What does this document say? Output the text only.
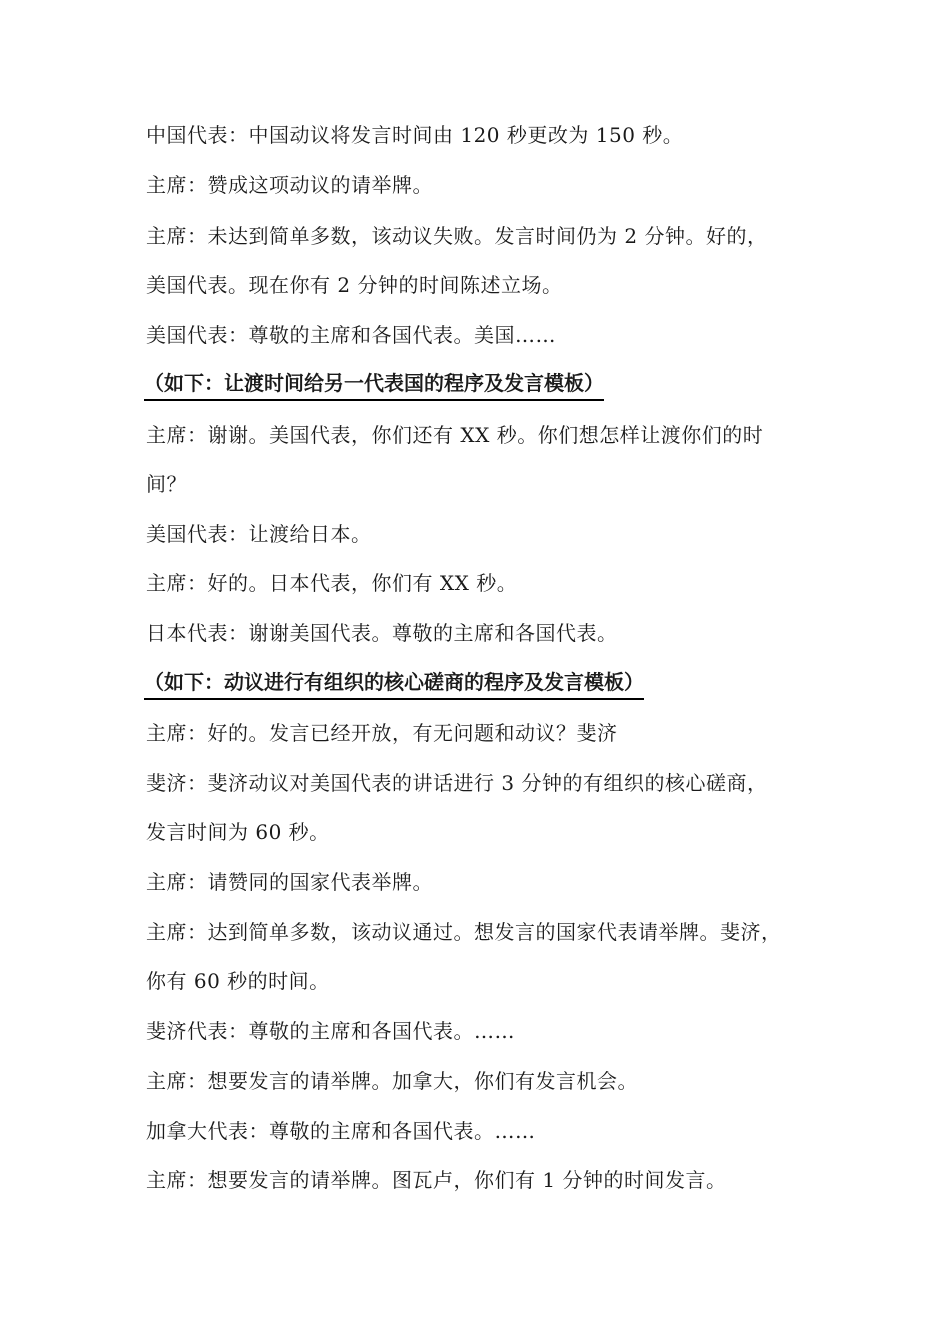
中国代表：中国动议将发言时间由 120 秒更改为 150 秒。
主席：赞成这项动议的请举牌。
主席：未达到简单多数，该动议失败。发言时间仍为 2 分钟。好的，
美国代表。现在你有 2 分钟的时间陈述立场。
美国代表：尊敬的主席和各国代表。美国……
（如下：让渡时间给另一代表国的程序及发言模板）
主席：谢谢。美国代表，你们还有 XX 秒。你们想怎样让渡你们的时
间？
美国代表：让渡给日本。
主席：好的。日本代表，你们有 XX 秒。
日本代表：谢谢美国代表。尊敬的主席和各国代表。
（如下：动议进行有组织的核心磋商的程序及发言模板）
主席：好的。发言已经开放，有无问题和动议？斐济
斐济：斐济动议对美国代表的讲话进行 3 分钟的有组织的核心磋商，
发言时间为 60 秒。
主席：请赞同的国家代表举牌。
主席：达到简单多数，该动议通过。想发言的国家代表请举牌。斐济，
你有 60 秒的时间。
斐济代表：尊敬的主席和各国代表。……
主席：想要发言的请举牌。加拿大，你们有发言机会。
加拿大代表：尊敬的主席和各国代表。……
主席：想要发言的请举牌。图瓦卢，你们有 1 分钟的时间发言。
